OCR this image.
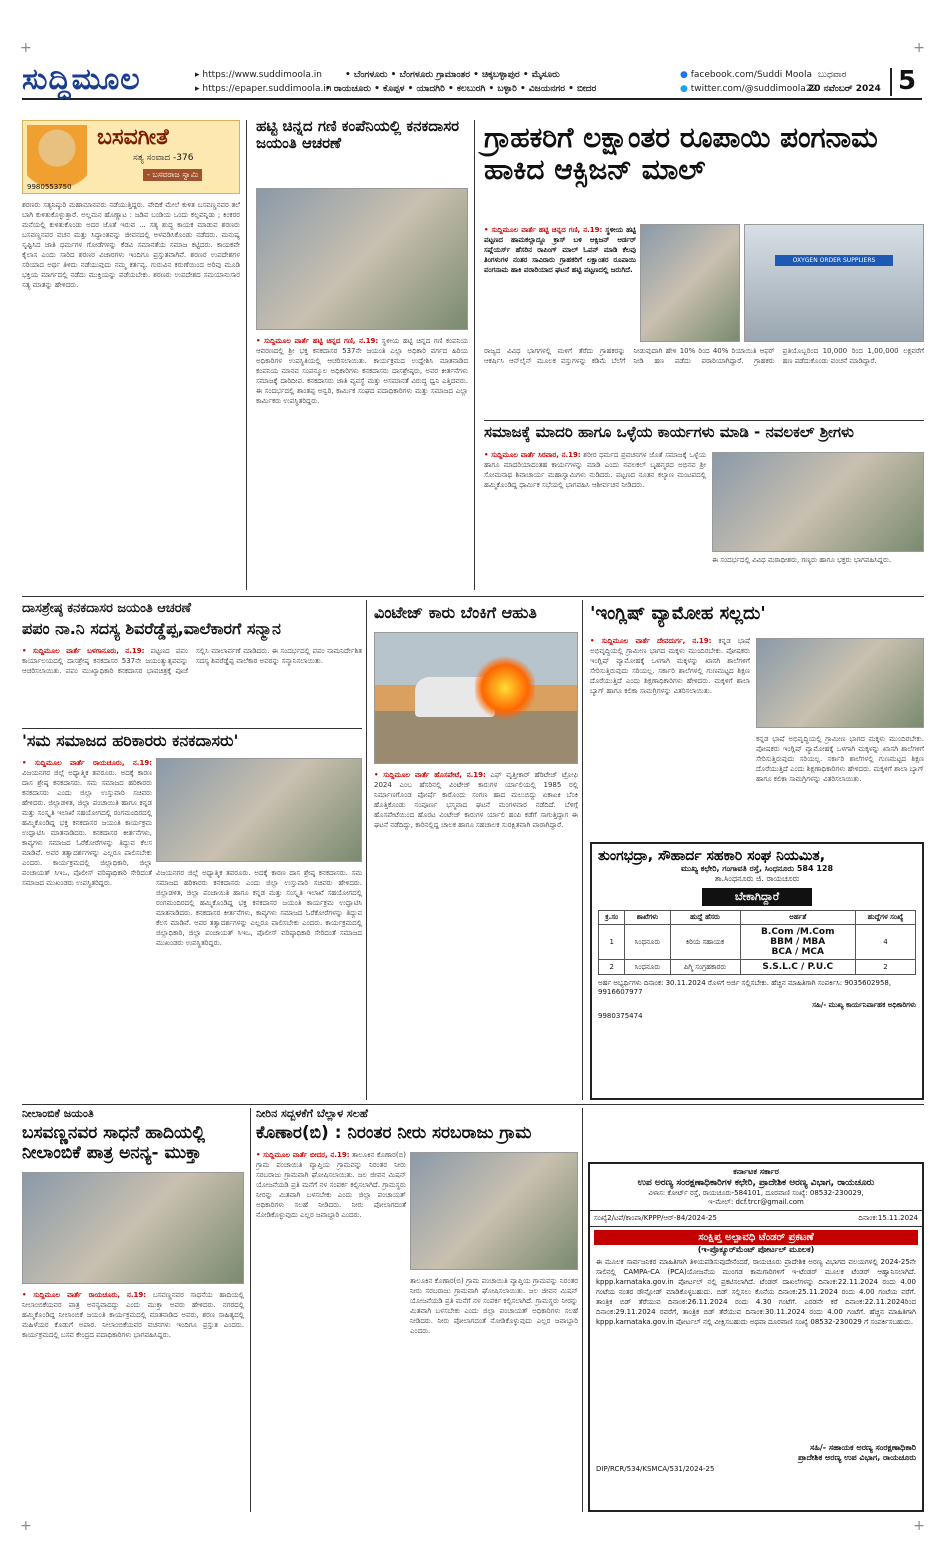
+	+
+	+
ಸುದ್ದಿಮೂಲ	▸ https://www.suddimoola.in
▸ https://epaper.suddimoola.in
• ಬೆಂಗಳೂರು • ಬೆಂಗಳೂರು ಗ್ರಾಮಾಂತರ • ಚಿಕ್ಕಬಳ್ಳಾಪುರ • ಮೈಸೂರು
• ರಾಯಚೂರು • ಕೊಪ್ಪಳ • ಯಾದಗಿರಿ • ಕಲಬುರಗಿ • ಬಳ್ಳಾರಿ • ವಿಜಯನಗರ • ಬೀದರ
● facebook.com/Suddi Moola
● twitter.com/@suddimoola22
ಬುಧವಾರ
20 ನವೆಂಬರ್ 2024 5
ಬಸವಗೀತೆ
ಸತ್ಯ ಸಂವಾದ -376
- ಬಸವರಾಜ ಸ್ವಾಮಿ
9980553750
ಶರಣರು ಸತ್ಯನಿಷ್ಠುರಿ ಮಹಾಮಾನವರು ನಡೆಯುತ್ತಿದ್ದರು. ವೇದಿಕೆ ಮೇಲೆ ಕುಳಿತ ಬಸವಣ್ಣನವರ ತಲೆ ಬಾಗಿ ಕುಳಿತುಕೊಳ್ಳುತ್ತಾರೆ. ಅಲ್ಲಮನ ಹೊಣ್ಣಾಟ : ಜಡಿವ ಬಂಡಿಯ ಒಂದು ಕಲ್ಪವನ್ನಿಡು ; ಕಿಂಕರರ ಮನೆಯಲ್ಲಿ ಕುಳಿತುಕೊಂಡು ಅದರ ಜೊತೆ ಇರುವ ... ಸತ್ಯ ಶುದ್ಧ ಕಾಯಕ ಮಾಡುವ ಶರಣರು ಬಸವಣ್ಣನವರ ವಚನ ಮತ್ತು ಸಿದ್ಧಾಂತವನ್ನು ಜೀವನದಲ್ಲಿ ಅಳವಡಿಸಿಕೊಂಡು ನಡೆದರು. ಮನುಷ್ಯ ಸೃಷ್ಟಿಸಿದ ಜಾತಿ ಧರ್ಮಗಳ ಗೋಡೆಗಳನ್ನು ಕೆಡವಿ ಸಮಾನತೆಯ ಸಮಾಜ ಕಟ್ಟಿದರು. ಕಾಯಕವೇ ಕೈಲಾಸ ಎಂದು ಸಾರಿದ ಶರಣರ ವಿಚಾರಗಳು ಇಂದಿಗೂ ಪ್ರಸ್ತುತವಾಗಿವೆ. ಶರಣರ ಉಪದೇಶಗಳ ಸರಿಯಾದ ಅರ್ಥ ತಿಳಿದು ನಡೆಯುವುದು ನಮ್ಮ ಕರ್ತವ್ಯ. ಗುರುವಿನ ಕರುಣೆಯಿಂದ ಅರಿವು ಮೂಡಿ ಭಕ್ತಿಯ ಮಾರ್ಗದಲ್ಲಿ ನಡೆದು ಮುಕ್ತಿಯನ್ನು ಪಡೆಯಬೇಕು. ಶರಣರು ಉಪದೇಶದ ಸಮಯಾನುಸಾರ ಸತ್ಯ ಮಾತನ್ನು ಹೇಳಿದರು.
ಹಟ್ಟಿ ಚಿನ್ನದ ಗಣಿ ಕಂಪೆನಿಯಲ್ಲಿ ಕನಕದಾಸರ ಜಯಂತಿ ಆಚರಣೆ
• ಸುದ್ದಿಮೂಲ ವಾರ್ತೆ ಹಟ್ಟಿ ಚಿನ್ನದ ಗಣಿ, ನ.19: ಸ್ಥಳೀಯ ಹಟ್ಟಿ ಚಿನ್ನದ ಗಣಿ ಕಂಪನಿಯ ಆವರಣದಲ್ಲಿ ಶ್ರೀ ಭಕ್ತ ಕನಕದಾಸರ 537ನೇ ಜಯಂತಿ ಎಲ್ಲಾ ಅಧಿಕಾರಿ ವರ್ಗದ ಹಿರಿಯ ಅಧಿಕಾರಿಗಳ ಉಪಸ್ಥಿತಿಯಲ್ಲಿ ಆಚರಿಸಲಾಯಿತು. ಕಾರ್ಯಕ್ರಮದ ಉದ್ದೇಶಿಸಿ ಮಾತನಾಡಿದ ಕಂಪನಿಯ ಮಾನವ ಸಂಪನ್ಮೂಲ ಅಧಿಕಾರಿಗಳು ಕನಕದಾಸರು ದಾಸಶ್ರೇಷ್ಠರು, ಅವರ ಕೀರ್ತನೆಗಳು ಸಮಾಜಕ್ಕೆ ದಾರಿದೀಪ. ಕನಕದಾಸರು ಜಾತಿ ವ್ಯವಸ್ಥೆ ಮತ್ತು ಅಸಮಾನತೆ ವಿರುದ್ಧ ಧ್ವನಿ ಎತ್ತಿದವರು. ಈ ಸಂದರ್ಭದಲ್ಲಿ ಶಾಂತಪ್ಪ ಅನ್ವರಿ, ಕಾರ್ಮಿಕ ಸಂಘದ ಪದಾಧಿಕಾರಿಗಳು ಮತ್ತು ಸಮಾಜದ ಎಲ್ಲಾ ಕಾರ್ಮಿಕರು ಉಪಸ್ಥಿತರಿದ್ದರು.
ಗ್ರಾಹಕರಿಗೆ ಲಕ್ಷಾಂತರ ರೂಪಾಯಿ ಪಂಗನಾಮ ಹಾಕಿದ ಆಕ್ಸಿಜನ್ ಮಾಲ್
• ಸುದ್ದಿಮೂಲ ವಾರ್ತೆ ಹಟ್ಟಿ ಚಿನ್ನದ ಗಣಿ, ನ.19: ಸ್ಥಳೀಯ ಹಟ್ಟಿ ಪಟ್ಟಣದ ಹಾಮಕಲ್ಲಾದ್ದೂ ಕ್ರಾಸ್ ಬಳಿ ಆಕ್ಸಿಜನ್ ಆರ್ಡರ್ ಸಪ್ಲೆಯರ್ಸ್ ಹೆಸರಿನ ರಾಪಿಂಗ್ ಮಾಲ್ ಓಪನ್ ಮಾಡಿ ಕೆಲವು ತಿಂಗಳುಗಳ ನಂತರ ಸಾವಿರಾರು ಗ್ರಾಹಕರಿಗೆ ಲಕ್ಷಾಂತರ ರೂಪಾಯಿ ಪಂಗನಾಮ ಹಾಕಿ ಪರಾರಿಯಾದ ಘಟನೆ ಹಟ್ಟಿ ಪಟ್ಟಣದಲ್ಲಿ ಜರುಗಿದೆ.
OXYGEN ORDER SUPPLIERS
ರಾಜ್ಯದ ವಿವಿಧ ಭಾಗಗಳಲ್ಲಿ ಮಳಿಗೆ ತೆರೆದು ಗ್ರಾಹಕರನ್ನು ಆಕರ್ಷಿಸಿ ಆನ್‌ಲೈನ್ ಮೂಲಕ ವಸ್ತುಗಳನ್ನು ಕಡಿಮೆ ಬೆಲೆಗೆ ನೀಡುವುದಾಗಿ ಹೇಳಿ 10% ರಿಂದ 40% ರಿಯಾಯಿತಿ ಆಫರ್ ನೀಡಿ ಹಣ ಪಡೆದು ಪರಾರಿಯಾಗಿದ್ದಾರೆ. ಗ್ರಾಹಕರು ಪ್ರತಿಯೊಬ್ಬರಿಂದ 10,000 ರಿಂದ 1,00,000 ಲಕ್ಷವರೆಗೆ ಹಣ ಪಡೆದುಕೊಂಡು ವಂಚನೆ ಮಾಡಿದ್ದಾರೆ.
ಸಮಾಜಕ್ಕೆ ಮಾದರಿ ಹಾಗೂ ಒಳ್ಳೆಯ ಕಾರ್ಯಗಳು ಮಾಡಿ - ನವಲಕಲ್ ಶ್ರೀಗಳು
• ಸುದ್ದಿಮೂಲ ವಾರ್ತೆ ಸಿರವಾರ, ನ.19: ಶರೀರ ಧರ್ಮದ ಪ್ರವಚನಗಳ ಜೊತೆ ಸಮಾಜಕ್ಕೆ ಒಳ್ಳೆಯ ಹಾಗೂ ಮಾದರಿಯಾದಂತಹ ಕಾರ್ಯಗಳನ್ನು ಮಾಡಿ ಎಂದು ನವಲಕಲ್ ಬೃಹನ್ಮಠದ ಅಭಿನವ ಶ್ರೀ ಸೋಮನಾಥ ಶಿವಾಚಾರ್ಯ ಮಹಾಸ್ವಾಮಿಗಳು ನುಡಿದರು. ಪಟ್ಟಣದ ನೂತನ ಕಲ್ಯಾಣ ಮಂಟಪದಲ್ಲಿ ಹಮ್ಮಿಕೊಂಡಿದ್ದ ಧಾರ್ಮಿಕ ಸಭೆಯಲ್ಲಿ ಭಾಗವಹಿಸಿ ಆಶೀರ್ವಚನ ನೀಡಿದರು.
ಈ ಸಂದರ್ಭದಲ್ಲಿ ವಿವಿಧ ಮಠಾಧೀಶರು, ಗಣ್ಯರು ಹಾಗೂ ಭಕ್ತರು ಭಾಗವಹಿಸಿದ್ದರು.
ದಾಸಶ್ರೇಷ್ಠ ಕನಕದಾಸರ ಜಯಂತಿ ಆಚರಣೆ
ಪಪಂ ನಾ.ನಿ ಸದಸ್ಯ ಶಿವರೆಡ್ಡೆಪ್ಪ,ವಾಲೆಕಾರಗೆ ಸನ್ಮಾನ
• ಸುದ್ದಿಮೂಲ ವಾರ್ತೆ ಬಳಗಾನೂರು, ನ.19: ಪಟ್ಟಣದ ಪಪಂ ಕಾರ್ಯಾಲಯದಲ್ಲಿ ದಾಸಶ್ರೇಷ್ಠ ಕನಕದಾಸರ 537ನೇ ಜಯಂತ್ಯುತ್ಸವವನ್ನು ಆಚರಿಸಲಾಯಿತು. ಪಪಂ ಮುಖ್ಯಾಧಿಕಾರಿ ಕನಕದಾಸರ ಭಾವಚಿತ್ರಕ್ಕೆ ಪೂಜೆ ಸಲ್ಲಿಸಿ ಮಾಲಾರ್ಪಣೆ ಮಾಡಿದರು. ಈ ಸಂದರ್ಭದಲ್ಲಿ ಪಪಂ ನಾಮನಿರ್ದೇಶಿತ ಸದಸ್ಯ ಶಿವರೆಡ್ಡೆಪ್ಪ ವಾಲೆಕಾರ ಅವರನ್ನು ಸನ್ಮಾನಿಸಲಾಯಿತು.
'ಸಮ ಸಮಾಜದ ಹರಿಕಾರರು ಕನಕದಾಸರು'
• ಸುದ್ದಿಮೂಲ ವಾರ್ತೆ ರಾಯಚೂರು, ನ.19: ವಿಜಯನಗರ ಜಿಲ್ಲೆ ಅಧ್ಯಾತ್ಮಿಕ ತವರೂರು. ಅದಕ್ಕೆ ಕಾರಣ ದಾಸ ಶ್ರೇಷ್ಠ ಕನಕದಾಸರು. ಸಮ ಸಮಾಜದ ಹರಿಕಾರರು ಕನಕದಾಸರು ಎಂದು ಜಿಲ್ಲಾ ಉಸ್ತುವಾರಿ ಸಚಿವರು ಹೇಳಿದರು. ಜಿಲ್ಲಾಡಳಿತ, ಜಿಲ್ಲಾ ಪಂಚಾಯಿತಿ ಹಾಗೂ ಕನ್ನಡ ಮತ್ತು ಸಂಸ್ಕೃತಿ ಇಲಾಖೆ ಸಹಯೋಗದಲ್ಲಿ ರಂಗಮಂದಿರದಲ್ಲಿ ಹಮ್ಮಿಕೊಂಡಿದ್ದ ಭಕ್ತ ಕನಕದಾಸರ ಜಯಂತಿ ಕಾರ್ಯಕ್ರಮ ಉದ್ಘಾಟಿಸಿ ಮಾತನಾಡಿದರು. ಕನಕದಾಸರ ಕೀರ್ತನೆಗಳು, ಕಾವ್ಯಗಳು ಸಮಾಜದ ಓರೆಕೋರೆಗಳನ್ನು ತಿದ್ದುವ ಕೆಲಸ ಮಾಡಿವೆ. ಅವರ ತತ್ವಾದರ್ಶಗಳನ್ನು ಎಲ್ಲರೂ ಪಾಲಿಸಬೇಕು ಎಂದರು. ಕಾರ್ಯಕ್ರಮದಲ್ಲಿ ಜಿಲ್ಲಾಧಿಕಾರಿ, ಜಿಲ್ಲಾ ಪಂಚಾಯತ್ ಸಿಇಒ, ಪೊಲೀಸ್ ವರಿಷ್ಠಾಧಿಕಾರಿ ಸೇರಿದಂತೆ ಸಮಾಜದ ಮುಖಂಡರು ಉಪಸ್ಥಿತರಿದ್ದರು.
ವಿಜಯನಗರ ಜಿಲ್ಲೆ ಅಧ್ಯಾತ್ಮಿಕ ತವರೂರು. ಅದಕ್ಕೆ ಕಾರಣ ದಾಸ ಶ್ರೇಷ್ಠ ಕನಕದಾಸರು. ಸಮ ಸಮಾಜದ ಹರಿಕಾರರು ಕನಕದಾಸರು ಎಂದು ಜಿಲ್ಲಾ ಉಸ್ತುವಾರಿ ಸಚಿವರು ಹೇಳಿದರು. ಜಿಲ್ಲಾಡಳಿತ, ಜಿಲ್ಲಾ ಪಂಚಾಯಿತಿ ಹಾಗೂ ಕನ್ನಡ ಮತ್ತು ಸಂಸ್ಕೃತಿ ಇಲಾಖೆ ಸಹಯೋಗದಲ್ಲಿ ರಂಗಮಂದಿರದಲ್ಲಿ ಹಮ್ಮಿಕೊಂಡಿದ್ದ ಭಕ್ತ ಕನಕದಾಸರ ಜಯಂತಿ ಕಾರ್ಯಕ್ರಮ ಉದ್ಘಾಟಿಸಿ ಮಾತನಾಡಿದರು. ಕನಕದಾಸರ ಕೀರ್ತನೆಗಳು, ಕಾವ್ಯಗಳು ಸಮಾಜದ ಓರೆಕೋರೆಗಳನ್ನು ತಿದ್ದುವ ಕೆಲಸ ಮಾಡಿವೆ. ಅವರ ತತ್ವಾದರ್ಶಗಳನ್ನು ಎಲ್ಲರೂ ಪಾಲಿಸಬೇಕು ಎಂದರು. ಕಾರ್ಯಕ್ರಮದಲ್ಲಿ ಜಿಲ್ಲಾಧಿಕಾರಿ, ಜಿಲ್ಲಾ ಪಂಚಾಯತ್ ಸಿಇಒ, ಪೊಲೀಸ್ ವರಿಷ್ಠಾಧಿಕಾರಿ ಸೇರಿದಂತೆ ಸಮಾಜದ ಮುಖಂಡರು ಉಪಸ್ಥಿತರಿದ್ದರು.
ವಿಂಟೇಜ್ ಕಾರು ಬೆಂಕಿಗೆ ಆಹುತಿ
• ಸುದ್ದಿಮೂಲ ವಾರ್ತೆ ಹೊಸಪೇಟೆ, ನ.19: ಎಫ್ ವೃತ್ತೀಕಾರ್ ಹೆರಿಟೇಜ್ ಟ್ರೋಫಿ 2024 ಎಂಬ ಹೆಸರಿನಲ್ಲಿ ವಿಂಟೇಜ್ ಕಾರುಗಳ ರ್ಯಾಲಿಯಲ್ಲಿ 1985 ರಲ್ಲಿ ನಿರ್ಮಾಣಗೊಂಡ ಪೋರ್ಷೆ ಕಾರೊಂದು ಸಂಗಣ ಹಾದ ಮಲುಬಿದ್ದು ಏಕಾಏಕಿ ಬೆಂಕಿ ಹೊತ್ತಿಕೊಂಡು ಸಂಪೂರ್ಣ ಭಸ್ಮವಾದ ಘಟನೆ ಮಂಗಳವಾರ ನಡೆದಿದೆ. ಬೆಳಿಗ್ಗೆ ಹೊಸಪೇಟೆಯಿಂದ ಹೊರಟ ವಿಂಟೇಜ್ ಕಾರುಗಳ ರ್ಯಾಲಿ ಹಂಪಿ ಕಡೆಗೆ ಸಾಗುತ್ತಿದ್ದಾಗ ಈ ಘಟನೆ ನಡೆದಿದ್ದು, ಕಾರಿನಲ್ಲಿದ್ದ ಚಾಲಕ ಹಾಗೂ ಸಹಚಾಲಕ ಸುರಕ್ಷಿತವಾಗಿ ಪಾರಾಗಿದ್ದಾರೆ.
'ಇಂಗ್ಲಿಷ್ ವ್ಯಾಮೋಹ ಸಲ್ಲದು'
• ಸುದ್ದಿಮೂಲ ವಾರ್ತೆ ದೇವದುರ್ಗ, ನ.19: ಕನ್ನಡ ಭಾಷೆ ಅಭಿವೃದ್ಧಿಯಲ್ಲಿ ಗ್ರಾಮೀಣ ಭಾಗದ ಮಕ್ಕಳು ಮುಂದಿರಬೇಕು. ಪೋಷಕರು ಇಂಗ್ಲಿಷ್ ವ್ಯಾಮೋಹಕ್ಕೆ ಒಳಗಾಗಿ ಮಕ್ಕಳನ್ನು ಖಾಸಗಿ ಶಾಲೆಗಳಿಗೆ ಸೇರಿಸುತ್ತಿರುವುದು ಸರಿಯಲ್ಲ. ಸರ್ಕಾರಿ ಶಾಲೆಗಳಲ್ಲಿ ಗುಣಮಟ್ಟದ ಶಿಕ್ಷಣ ದೊರೆಯುತ್ತಿದೆ ಎಂದು ಶಿಕ್ಷಣಾಧಿಕಾರಿಗಳು ಹೇಳಿದರು. ಮಕ್ಕಳಿಗೆ ಶಾಲಾ ಬ್ಯಾಗ್ ಹಾಗೂ ಕಲಿಕಾ ಸಾಮಗ್ರಿಗಳನ್ನು ವಿತರಿಸಲಾಯಿತು.
ಕನ್ನಡ ಭಾಷೆ ಅಭಿವೃದ್ಧಿಯಲ್ಲಿ ಗ್ರಾಮೀಣ ಭಾಗದ ಮಕ್ಕಳು ಮುಂದಿರಬೇಕು. ಪೋಷಕರು ಇಂಗ್ಲಿಷ್ ವ್ಯಾಮೋಹಕ್ಕೆ ಒಳಗಾಗಿ ಮಕ್ಕಳನ್ನು ಖಾಸಗಿ ಶಾಲೆಗಳಿಗೆ ಸೇರಿಸುತ್ತಿರುವುದು ಸರಿಯಲ್ಲ. ಸರ್ಕಾರಿ ಶಾಲೆಗಳಲ್ಲಿ ಗುಣಮಟ್ಟದ ಶಿಕ್ಷಣ ದೊರೆಯುತ್ತಿದೆ ಎಂದು ಶಿಕ್ಷಣಾಧಿಕಾರಿಗಳು ಹೇಳಿದರು. ಮಕ್ಕಳಿಗೆ ಶಾಲಾ ಬ್ಯಾಗ್ ಹಾಗೂ ಕಲಿಕಾ ಸಾಮಗ್ರಿಗಳನ್ನು ವಿತರಿಸಲಾಯಿತು.
ತುಂಗಭದ್ರಾ, ಸೌಹಾರ್ದ ಸಹಕಾರಿ ಸಂಘ ನಿಯಮಿತ,
ಮುಖ್ಯ ಕಛೇರಿ, ಗಂಗಾವತಿ ರಸ್ತೆ, ಸಿಂಧನೂರು 584 128
ತಾ.ಸಿಂಧನೂರು ಜಿ. ರಾಯಚೂರು
ಬೇಕಾಗಿದ್ದಾರೆ
ಕ್ರ.ಸಂ	ಶಾಖೆಗಳು	ಹುದ್ದೆ ಹೆಸರು	ಅರ್ಹತೆ	ಹುದ್ದೆಗಳ ಸಂಖ್ಯೆ
1	ಸಿಂಧನೂರು	ಕಿರಿಯ ಸಹಾಯಕ	B.Com /M.Com
BBM / MBA
BCA / MCA	4
2	ಸಿಂಧನೂರು	ಪಿಗ್ಮಿ ಸಂಗ್ರಹಕಾರರು	S.S.L.C / P.U.C	2
ಅರ್ಹ ಅಭ್ಯರ್ಥಿಗಳು ದಿನಾಂಕ: 30.11.2024 ರೊಳಗೆ ಅರ್ಜಿ ಸಲ್ಲಿಸಬೇಕು. ಹೆಚ್ಚಿನ ಮಾಹಿತಿಗಾಗಿ ಸಂಪರ್ಕಿಸಿ: 9035602958, 9916607977
ಸಹಿ/- ಮುಖ್ಯ ಕಾರ್ಯನಿರ್ವಾಹಕ ಅಧಿಕಾರಿಗಳು
9980375474
ನೀಲಾಂಬಿಕೆ ಜಯಂತಿ
ಬಸವಣ್ಣನವರ ಸಾಧನೆ ಹಾದಿಯಲ್ಲಿ ನೀಲಾಂಬಿಕೆ ಪಾತ್ರ ಅನನ್ಯ- ಮುಕ್ತಾ
• ಸುದ್ದಿಮೂಲ ವಾರ್ತೆ ರಾಯಚೂರು, ನ.19: ಬಸವಣ್ಣನವರ ಸಾಧನೆಯ ಹಾದಿಯಲ್ಲಿ ನೀಲಾಂಬಿಕೆಯವರ ಪಾತ್ರ ಅನನ್ಯವಾದದ್ದು ಎಂದು ಮುಕ್ತಾ ಅವರು ಹೇಳಿದರು. ನಗರದಲ್ಲಿ ಹಮ್ಮಿಕೊಂಡಿದ್ದ ನೀಲಾಂಬಿಕೆ ಜಯಂತಿ ಕಾರ್ಯಕ್ರಮದಲ್ಲಿ ಮಾತನಾಡಿದ ಅವರು, ಶರಣ ಸಾಹಿತ್ಯದಲ್ಲಿ ಮಹಿಳೆಯರ ಕೊಡುಗೆ ಅಪಾರ. ನೀಲಾಂಬಿಕೆಯವರ ವಚನಗಳು ಇಂದಿಗೂ ಪ್ರಸ್ತುತ ಎಂದರು. ಕಾರ್ಯಕ್ರಮದಲ್ಲಿ ಬಸವ ಕೇಂದ್ರದ ಪದಾಧಿಕಾರಿಗಳು ಭಾಗವಹಿಸಿದ್ದರು.
ನೀರಿನ ಸದ್ಬಳಕೆಗೆ ಬೆಲ್ಲಾಳ ಸಲಹೆ
ಕೊಣಾರ(ಬಿ) : ನಿರಂತರ ನೀರು ಸರಬರಾಜು ಗ್ರಾಮ
• ಸುದ್ದಿಮೂಲ ವಾರ್ತೆ ಬೀದರ, ನ.19: ತಾಲೂಕಿನ ಕೊಣಾರ(ಬಿ) ಗ್ರಾಮ ಪಂಚಾಯಿತಿ ವ್ಯಾಪ್ತಿಯ ಗ್ರಾಮವನ್ನು ನಿರಂತರ ನೀರು ಸರಬರಾಜು ಗ್ರಾಮವಾಗಿ ಘೋಷಿಸಲಾಯಿತು. ಜಲ ಜೀವನ ಮಿಷನ್ ಯೋಜನೆಯಡಿ ಪ್ರತಿ ಮನೆಗೆ ನಳ ಸಂಪರ್ಕ ಕಲ್ಪಿಸಲಾಗಿದೆ. ಗ್ರಾಮಸ್ಥರು ನೀರನ್ನು ಮಿತವಾಗಿ ಬಳಸಬೇಕು ಎಂದು ಜಿಲ್ಲಾ ಪಂಚಾಯತ್ ಅಧಿಕಾರಿಗಳು ಸಲಹೆ ನೀಡಿದರು. ನೀರು ಪೋಲಾಗದಂತೆ ನೋಡಿಕೊಳ್ಳುವುದು ಎಲ್ಲರ ಜವಾಬ್ದಾರಿ ಎಂದರು.
ತಾಲೂಕಿನ ಕೊಣಾರ(ಬಿ) ಗ್ರಾಮ ಪಂಚಾಯಿತಿ ವ್ಯಾಪ್ತಿಯ ಗ್ರಾಮವನ್ನು ನಿರಂತರ ನೀರು ಸರಬರಾಜು ಗ್ರಾಮವಾಗಿ ಘೋಷಿಸಲಾಯಿತು. ಜಲ ಜೀವನ ಮಿಷನ್ ಯೋಜನೆಯಡಿ ಪ್ರತಿ ಮನೆಗೆ ನಳ ಸಂಪರ್ಕ ಕಲ್ಪಿಸಲಾಗಿದೆ. ಗ್ರಾಮಸ್ಥರು ನೀರನ್ನು ಮಿತವಾಗಿ ಬಳಸಬೇಕು ಎಂದು ಜಿಲ್ಲಾ ಪಂಚಾಯತ್ ಅಧಿಕಾರಿಗಳು ಸಲಹೆ ನೀಡಿದರು. ನೀರು ಪೋಲಾಗದಂತೆ ನೋಡಿಕೊಳ್ಳುವುದು ಎಲ್ಲರ ಜವಾಬ್ದಾರಿ ಎಂದರು.
ಕರ್ನಾಟಕ ಸರ್ಕಾರ
ಉಪ ಅರಣ್ಯ ಸಂರಕ್ಷಣಾಧಿಕಾರಿಗಳ ಕಛೇರಿ, ಪ್ರಾದೇಶಿಕ ಅರಣ್ಯ ವಿಭಾಗ, ರಾಯಚೂರು
ವಿಳಾಸ: ಕೋರ್ಟ್ ರಸ್ತೆ, ರಾಯಚೂರು-584101, ದೂರವಾಣಿ ಸಂಖ್ಯೆ: 08532-230029,
ಇ-ಮೇಲ್: dcf.trcr@gmail.com
ಸಂಖ್ಯೆ2/ಟಪೆ/ಕಾಂಪಾ/KPPP/ಆರ್-84/2024-25	ದಿನಾಂಕ:15.11.2024
ಸಂಕ್ಷಿಪ್ತ ಅಲ್ಪಾವಧಿ ಟೆಂಡರ್ ಪ್ರಕಟಣೆ
(ಇ-ಪ್ರೊಕ್ಯೂರ್‌ಮೆಂಟ್ ಪೋರ್ಟಲ್ ಮೂಲಕ)
ಈ ಮೂಲಕ ಸಾರ್ವಜನಿಕರ ಮಾಹಿತಿಗಾಗಿ ತಿಳಿಯಪಡಿಸುವುದೇನೆಂದರೆ, ರಾಯಚೂರು ಪ್ರಾದೇಶಿಕ ಅರಣ್ಯ ವಿಭಾಗದ ವಲಯಗಳಲ್ಲಿ 2024-25ನೇ ಸಾಲಿನಲ್ಲಿ CAMPA-CA (PCA)ಯೋಜನೆಯ ಮುಂಗಡ ಕಾಮಗಾರಿಗಳಿಗೆ ಇ-ಟೆಂಡರ್ ಮೂಲಕ ಟೆಂಡರ್ ಆಹ್ವಾನಿಸಲಾಗಿದೆ. kppp.karnataka.gov.in ಪೋರ್ಟಲ್ ನಲ್ಲಿ ಪ್ರಕಟಿಸಲಾಗಿದೆ. ಟೆಂಡರ್ ದಾಖಲೆಗಳನ್ನು ದಿನಾಂಕ:22.11.2024 ರಂದು 4.00 ಗಂಟೆಯ ನಂತರ ಡೌನ್ಲೋಡ್ ಮಾಡಿಕೊಳ್ಳಬಹುದು. ಬಿಡ್ ಸಲ್ಲಿಸಲು ಕೊನೆಯ ದಿನಾಂಕ:25.11.2024 ರಂದು 4.00 ಗಂಟೆಯ ವರೆಗೆ. ತಾಂತ್ರಿಕ ಬಿಡ್ ತೆರೆಯುವ ದಿನಾಂಕ:26.11.2024 ರಂದು 4.30 ಗಂಟೆಗೆ. ಎರಡನೇ ಕರೆ ದಿನಾಂಕ:22.11.2024ರಿಂದ ದಿನಾಂಕ:29.11.2024 ರವರೆಗೆ, ತಾಂತ್ರಿಕ ಬಿಡ್ ತೆರೆಯುವ ದಿನಾಂಕ:30.11.2024 ರಂದು 4.00 ಗಂಟೆಗೆ. ಹೆಚ್ಚಿನ ಮಾಹಿತಿಗಾಗಿ kppp.karnataka.gov.in ಪೋರ್ಟಲ್ ನಲ್ಲಿ ವೀಕ್ಷಿಸಬಹುದು ಅಥವಾ ದೂರವಾಣಿ ಸಂಖ್ಯೆ 08532-230029 ಗೆ ಸಂಪರ್ಕಿಸಬಹುದು.
ಸಹಿ/- ಸಹಾಯಕ ಅರಣ್ಯ ಸಂರಕ್ಷಣಾಧಿಕಾರಿ
ಪ್ರಾದೇಶಿಕ ಅರಣ್ಯ ಉಪ ವಿಭಾಗ, ರಾಯಚೂರು
DIP/RCR/534/KSMCA/531/2024-25
